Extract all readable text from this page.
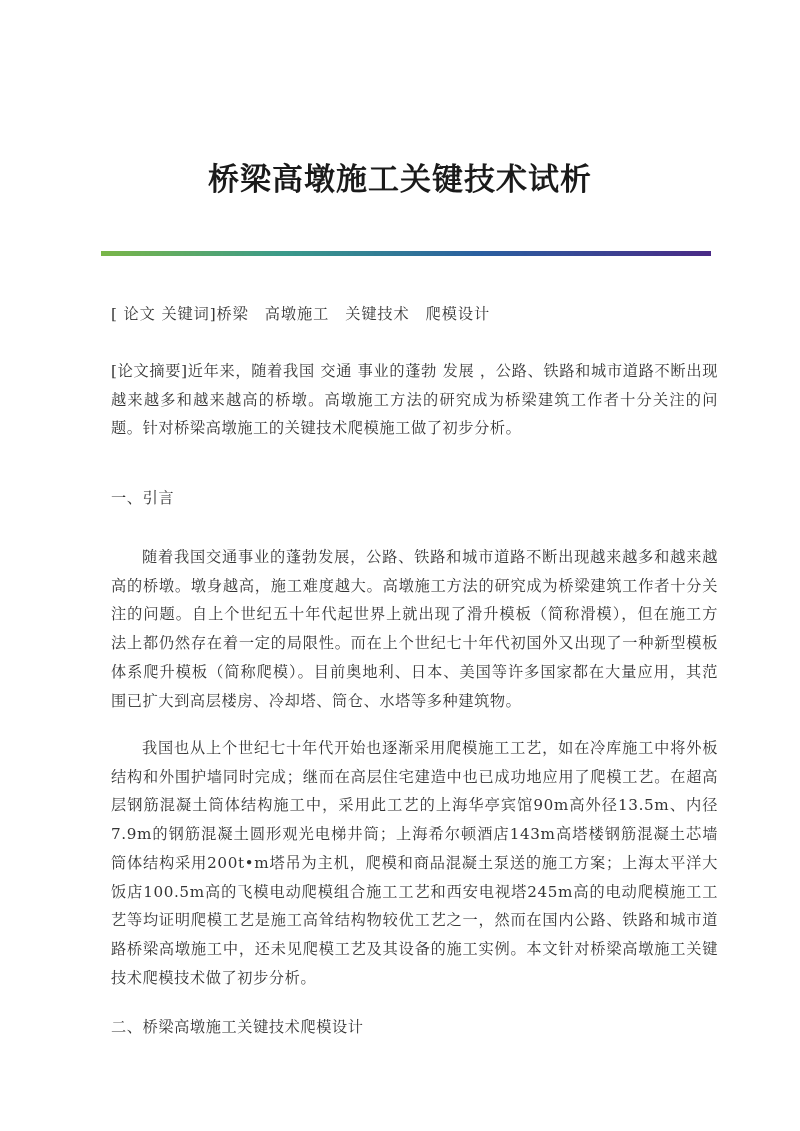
桥梁高墩施工关键技术试析

[ 论文 关键词]桥梁　高墩施工　关键技术　爬模设计

[论文摘要]近年来，随着我国 交通 事业的蓬勃 发展 ，公路、铁路和城市道路不断出现越来越多和越来越高的桥墩。高墩施工方法的研究成为桥梁建筑工作者十分关注的问题。针对桥梁高墩施工的关键技术爬模施工做了初步分析。

一、引言

随着我国交通事业的蓬勃发展，公路、铁路和城市道路不断出现越来越多和越来越高的桥墩。墩身越高，施工难度越大。高墩施工方法的研究成为桥梁建筑工作者十分关注的问题。自上个世纪五十年代起世界上就出现了滑升模板（简称滑模），但在施工方法上都仍然存在着一定的局限性。而在上个世纪七十年代初国外又出现了一种新型模板体系爬升模板（简称爬模）。目前奥地利、日本、美国等许多国家都在大量应用，其范围已扩大到高层楼房、冷却塔、筒仓、水塔等多种建筑物。

我国也从上个世纪七十年代开始也逐渐采用爬模施工工艺，如在冷库施工中将外板结构和外围护墙同时完成；继而在高层住宅建造中也已成功地应用了爬模工艺。在超高层钢筋混凝土筒体结构施工中，采用此工艺的上海华亭宾馆90m高外径13.5m、内径7.9m的钢筋混凝土圆形观光电梯井筒；上海希尔顿酒店143m高塔楼钢筋混凝土芯墙筒体结构采用200t•m塔吊为主机，爬模和商品混凝土泵送的施工方案；上海太平洋大饭店100.5m高的飞模电动爬模组合施工工艺和西安电视塔245m高的电动爬模施工工艺等均证明爬模工艺是施工高耸结构物较优工艺之一，然而在国内公路、铁路和城市道路桥梁高墩施工中，还未见爬模工艺及其设备的施工实例。本文针对桥梁高墩施工关键技术爬模技术做了初步分析。

二、桥梁高墩施工关键技术爬模设计
